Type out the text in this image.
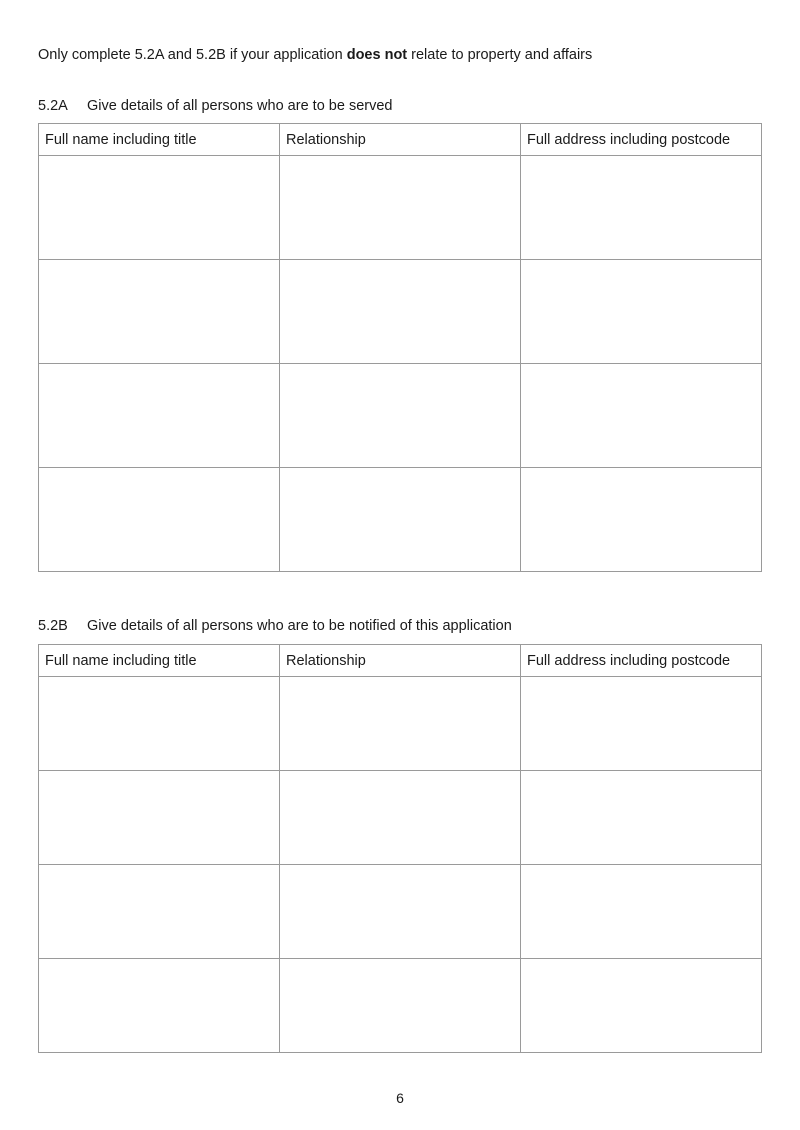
Only complete 5.2A and 5.2B if your application does not relate to property and affairs
5.2A Give details of all persons who are to be served
Full name including title	Relationship	Full address including postcode

5.2B Give details of all persons who are to be notified of this application
Full name including title	Relationship	Full address including postcode

6
